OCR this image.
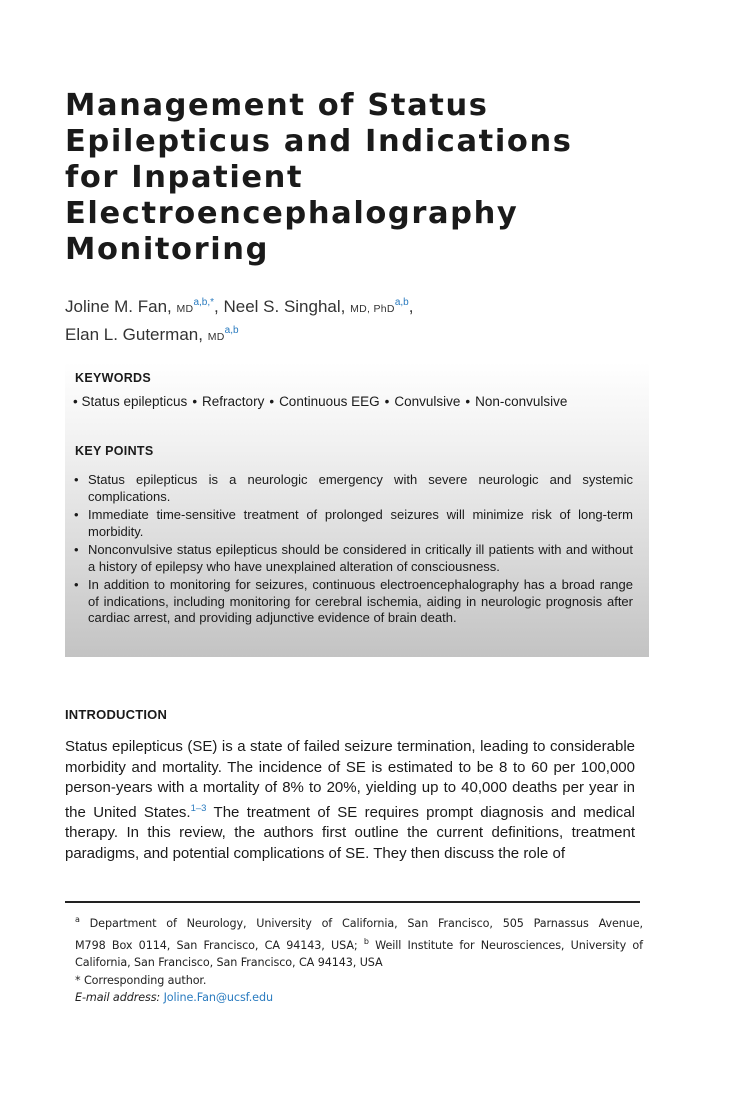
Management of Status
Epilepticus and Indications
for Inpatient
Electroencephalography
Monitoring
Joline M. Fan, MD$^{a,b,*}$, Neel S. Singhal, MD, PhD$^{a,b}$,
Elan L. Guterman, MD$^{a,b}$
KEYWORDS
• Status epilepticus • Refractory • Continuous EEG • Convulsive • Non-convulsive
KEY POINTS
• Status epilepticus is a neurologic emergency with severe neurologic and systemic complications.
• Immediate time-sensitive treatment of prolonged seizures will minimize risk of long-term morbidity.
• Nonconvulsive status epilepticus should be considered in critically ill patients with and without a history of epilepsy who have unexplained alteration of consciousness.
• In addition to monitoring for seizures, continuous electroencephalography has a broad range of indications, including monitoring for cerebral ischemia, aiding in neurologic prognosis after cardiac arrest, and providing adjunctive evidence of brain death.
INTRODUCTION

Status epilepticus (SE) is a state of failed seizure termination, leading to considerable morbidity and mortality. The incidence of SE is estimated to be 8 to 60 per 100,000 person-years with a mortality of 8% to 20%, yielding up to 40,000 deaths per year in the United States.$^{1-3}$ The treatment of SE requires prompt diagnosis and medical therapy. In this review, the authors first outline the current definitions, treatment paradigms, and potential complications of SE. They then discuss the role of

$^a$ Department of Neurology, University of California, San Francisco, 505 Parnassus Avenue,
M798 Box 0114, San Francisco, CA 94143, USA; $^b$ Weill Institute for Neurosciences, University of
California, San Francisco, San Francisco, CA 94143, USA
* Corresponding author.
E-mail address: Joline.Fan@ucsf.edu
